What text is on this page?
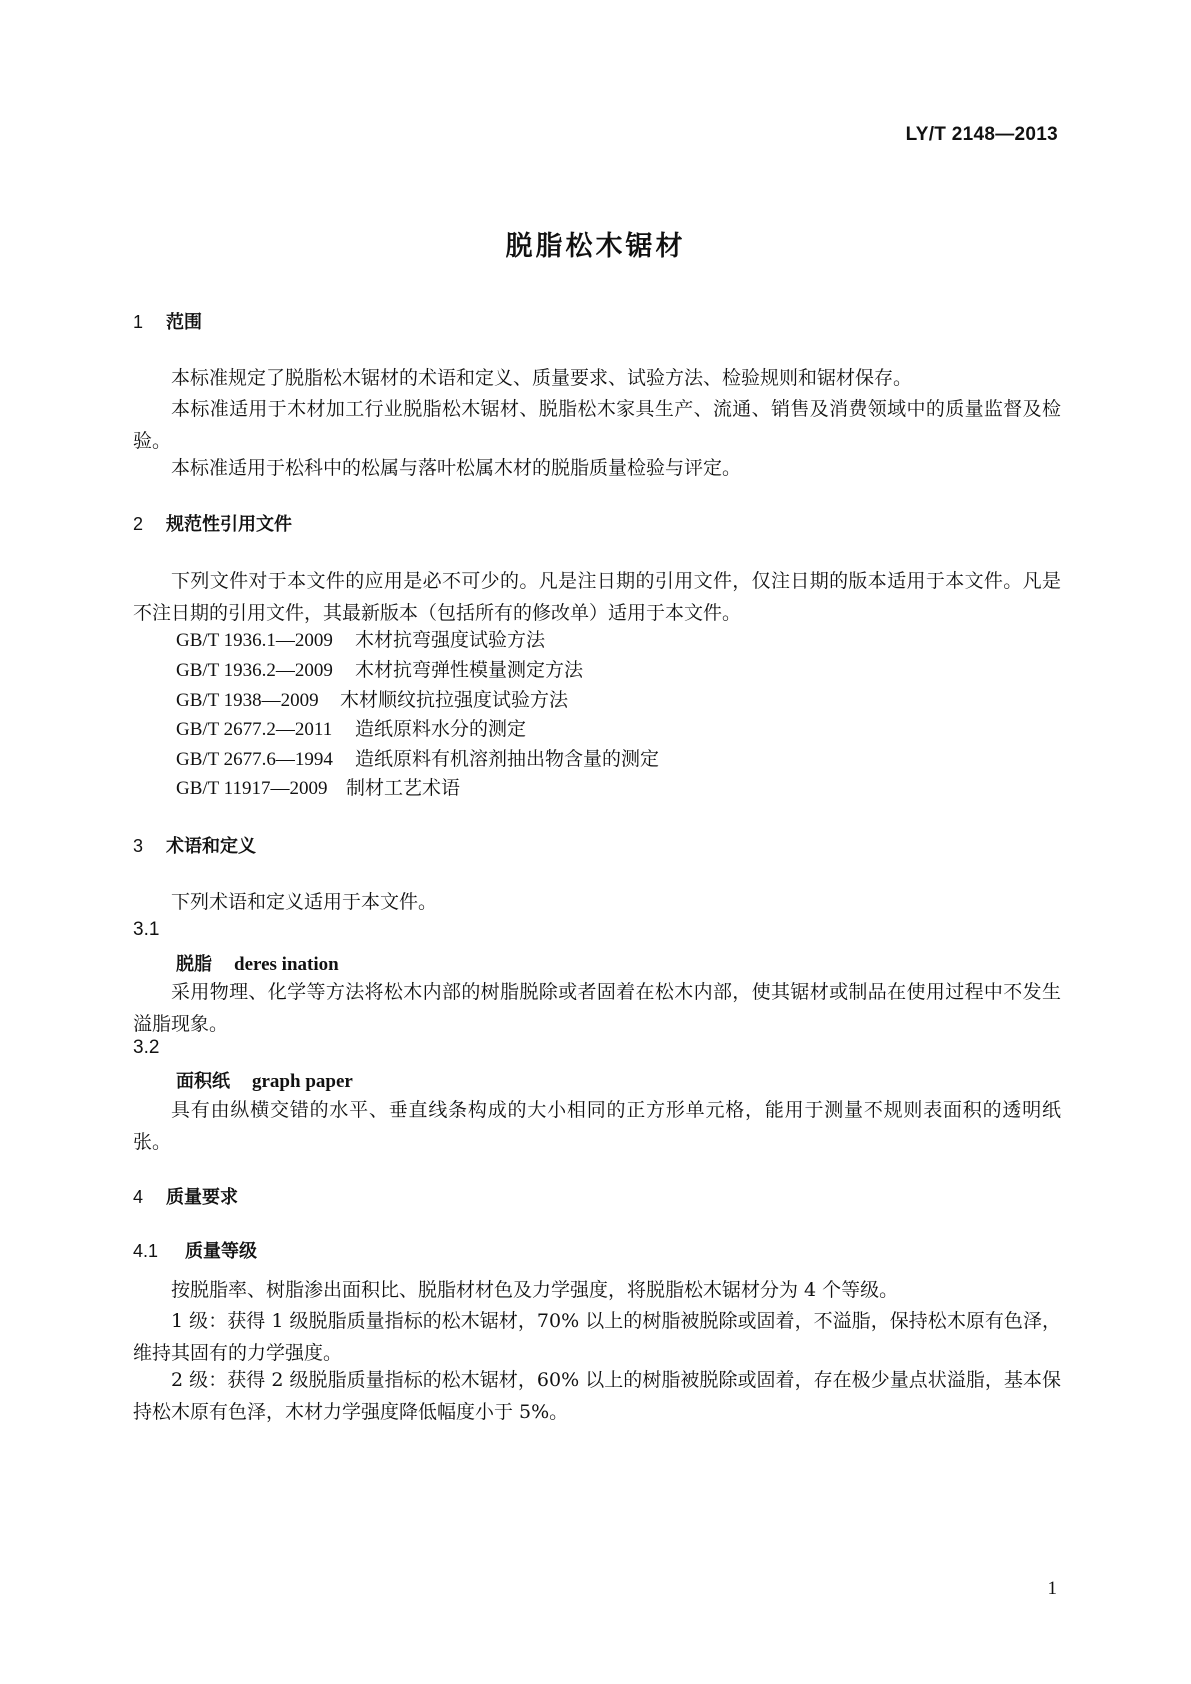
LY/T 2148—2013
脱脂松木锯材
1 范围
本标准规定了脱脂松木锯材的术语和定义、质量要求、试验方法、检验规则和锯材保存。
本标准适用于木材加工行业脱脂松木锯材、脱脂松木家具生产、流通、销售及消费领域中的质量监督及检验。
本标准适用于松科中的松属与落叶松属木材的脱脂质量检验与评定。
2 规范性引用文件
下列文件对于本文件的应用是必不可少的。凡是注日期的引用文件，仅注日期的版本适用于本文件。凡是不注日期的引用文件，其最新版本（包括所有的修改单）适用于本文件。
GB/T 1936.1—2009 木材抗弯强度试验方法
GB/T 1936.2—2009 木材抗弯弹性模量测定方法
GB/T 1938—2009 木材顺纹抗拉强度试验方法
GB/T 2677.2—2011 造纸原料水分的测定
GB/T 2677.6—1994 造纸原料有机溶剂抽出物含量的测定
GB/T 11917—2009 制材工艺术语
3 术语和定义
下列术语和定义适用于本文件。
3.1
脱脂 deres ination
采用物理、化学等方法将松木内部的树脂脱除或者固着在松木内部，使其锯材或制品在使用过程中不发生溢脂现象。
3.2
面积纸 graph paper
具有由纵横交错的水平、垂直线条构成的大小相同的正方形单元格，能用于测量不规则表面积的透明纸张。
4 质量要求
4.1 质量等级
按脱脂率、树脂渗出面积比、脱脂材材色及力学强度，将脱脂松木锯材分为 4 个等级。
1 级：获得 1 级脱脂质量指标的松木锯材，70% 以上的树脂被脱除或固着，不溢脂，保持松木原有色泽，维持其固有的力学强度。
2 级：获得 2 级脱脂质量指标的松木锯材，60% 以上的树脂被脱除或固着，存在极少量点状溢脂，基本保持松木原有色泽，木材力学强度降低幅度小于 5%。
1
